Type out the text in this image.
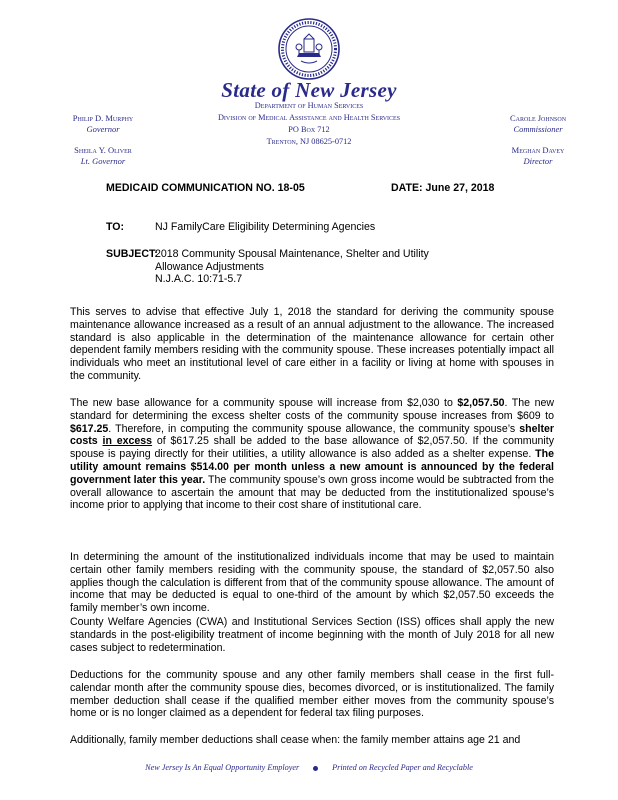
State of New Jersey
Department of Human Services
Division of Medical Assistance and Health Services
PO Box 712
Trenton, NJ 08625-0712
Philip D. Murphy
Governor
Sheila Y. Oliver
Lt. Governor
Carole Johnson
Commissioner
Meghan Davey
Director
MEDICAID COMMUNICATION NO. 18-05	DATE: June 27, 2018
TO:	NJ FamilyCare Eligibility Determining Agencies
SUBJECT:
2018 Community Spousal Maintenance, Shelter and Utility
Allowance Adjustments
N.J.A.C. 10:71-5.7
This serves to advise that effective July 1, 2018 the standard for deriving the community spouse maintenance allowance increased as a result of an annual adjustment to the allowance. The increased standard is also applicable in the determination of the maintenance allowance for certain other dependent family members residing with the community spouse. These increases potentially impact all individuals who meet an institutional level of care either in a facility or living at home with spouses in the community.
The new base allowance for a community spouse will increase from $2,030 to $2,057.50. The new standard for determining the excess shelter costs of the community spouse increases from $609 to $617.25. Therefore, in computing the community spouse allowance, the community spouse’s shelter costs in excess of $617.25 shall be added to the base allowance of $2,057.50. If the community spouse is paying directly for their utilities, a utility allowance is also added as a shelter expense. The utility amount remains $514.00 per month unless a new amount is announced by the federal government later this year. The community spouse’s own gross income would be subtracted from the overall allowance to ascertain the amount that may be deducted from the institutionalized spouse’s income prior to applying that income to their cost share of institutional care.
In determining the amount of the institutionalized individuals income that may be used to maintain certain other family members residing with the community spouse, the standard of $2,057.50 also applies though the calculation is different from that of the community spouse allowance. The amount of income that may be deducted is equal to one-third of the amount by which $2,057.50 exceeds the family member’s own income.
County Welfare Agencies (CWA) and Institutional Services Section (ISS) offices shall apply the new standards in the post-eligibility treatment of income beginning with the month of July 2018 for all new cases subject to redetermination.
Deductions for the community spouse and any other family members shall cease in the first full-calendar month after the community spouse dies, becomes divorced, or is institutionalized. The family member deduction shall cease if the qualified member either moves from the community spouse’s home or is no longer claimed as a dependent for federal tax filing purposes.
Additionally, family member deductions shall cease when: the family member attains age 21 and
New Jersey Is An Equal Opportunity Employer	Printed on Recycled Paper and Recyclable
